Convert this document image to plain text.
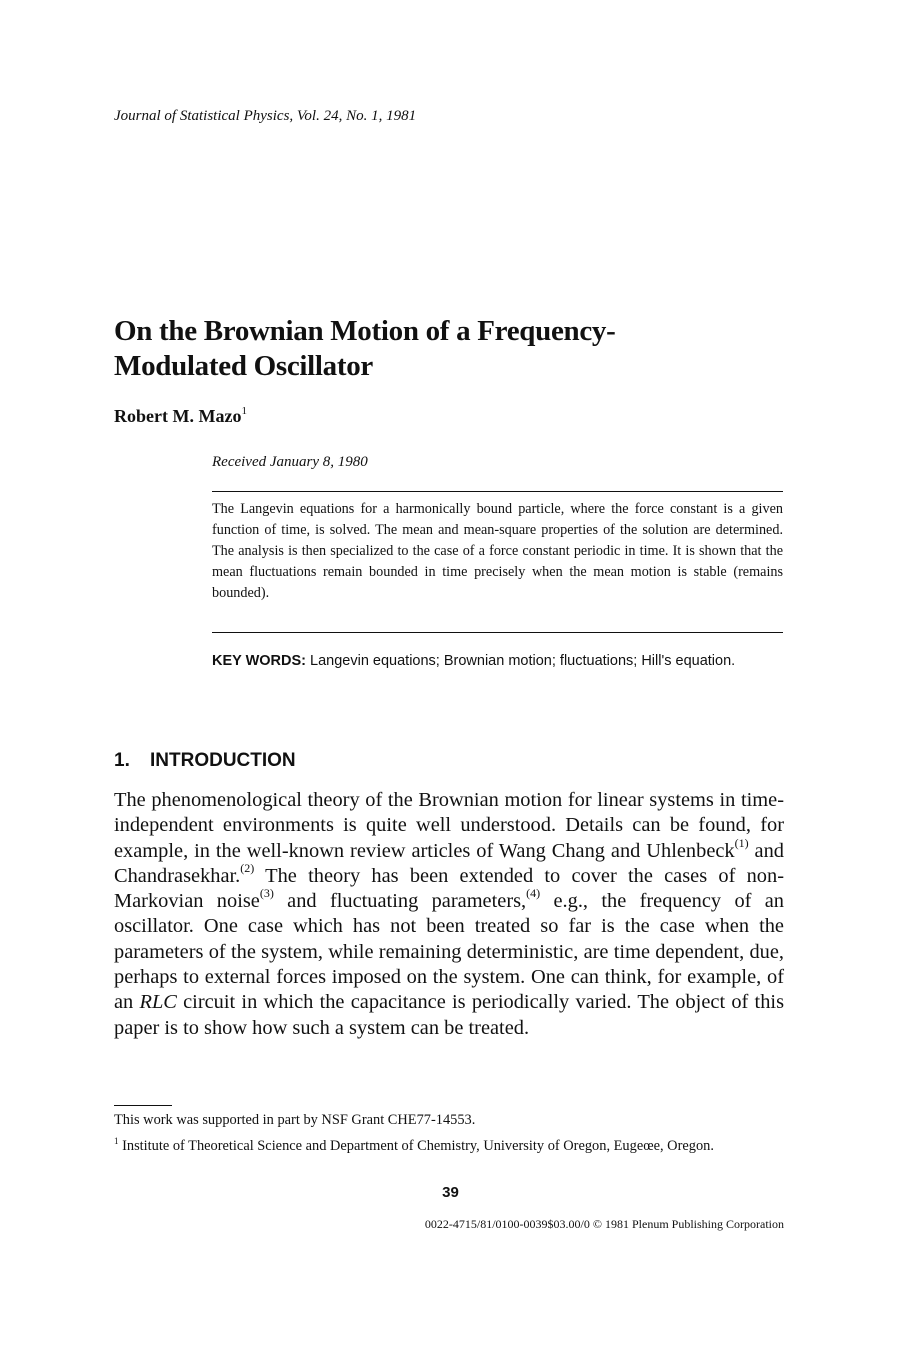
Journal of Statistical Physics, Vol. 24, No. 1, 1981
On the Brownian Motion of a Frequency-
Modulated Oscillator
Robert M. Mazo$^1$
Received January 8, 1980
The Langevin equations for a harmonically bound particle, where the force constant is a given function of time, is solved. The mean and mean-square properties of the solution are determined. The analysis is then specialized to the case of a force constant periodic in time. It is shown that the mean fluctuations remain bounded in time precisely when the mean motion is stable (remains bounded).
KEY WORDS: Langevin equations; Brownian motion; fluctuations; Hill's equation.
1. INTRODUCTION
The phenomenological theory of the Brownian motion for linear systems in time-independent environments is quite well understood. Details can be found, for example, in the well-known review articles of Wang Chang and Uhlenbeck$^{(1)}$ and Chandrasekhar.$^{(2)}$ The theory has been extended to cover the cases of non-Markovian noise$^{(3)}$ and fluctuating parameters,$^{(4)}$ e.g., the frequency of an oscillator. One case which has not been treated so far is the case when the parameters of the system, while remaining deterministic, are time dependent, due, perhaps to external forces imposed on the system. One can think, for example, of an RLC circuit in which the capacitance is periodically varied. The object of this paper is to show how such a system can be treated.
This work was supported in part by NSF Grant CHE77-14553.
$^1$ Institute of Theoretical Science and Department of Chemistry, University of Oregon, Eugeœe, Oregon.
39
0022-4715/81/0100-0039$03.00/0 © 1981 Plenum Publishing Corporation
